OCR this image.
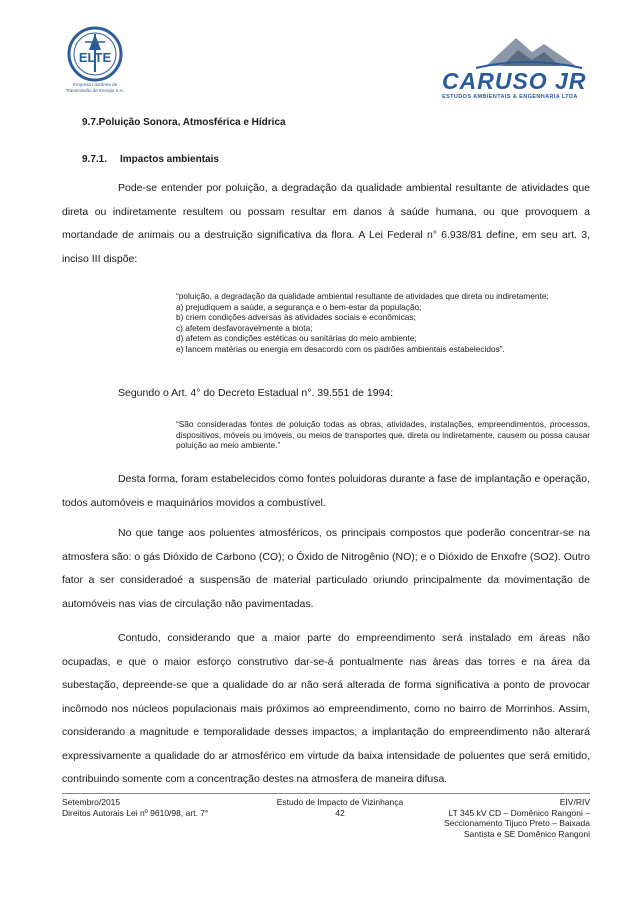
ELTE
Empresa Litorânea de
Transmissão de Energia S.A.	CARUSO JR
ESTUDOS AMBIENTAIS & ENGENHARIA LTDA
9.7.Poluição Sonora, Atmosférica e Hídrica
9.7.1. Impactos ambientais

Pode-se entender por poluição, a degradação da qualidade ambiental resultante de atividades que direta ou indiretamente resultem ou possam resultar em danos à saúde humana, ou que provoquem a mortandade de animais ou a destruição significativa da flora. A Lei Federal n° 6.938/81 define, em seu art. 3, inciso III dispõe:

“poluição, a degradação da qualidade ambiental resultante de atividades que direta ou indiretamente:
a) prejudiquem a saúde, a segurança e o bem-estar da população;
b) criem condições adversas às atividades sociais e econômicas;
c) afetem desfavoravelmente a biota;
d) afetem as condições estéticas ou sanitárias do meio ambiente;
e) lancem matérias ou energia em desacordo com os padrões ambientais estabelecidos”.

Segundo o Art. 4° do Decreto Estadual n°. 39.551 de 1994:

“São consideradas fontes de poluição todas as obras, atividades, instalações, empreendimentos, processos, dispositivos, móveis ou imóveis, ou meios de transportes que, direta ou indiretamente, causem ou possa causar poluição ao meio ambiente.”

Desta forma, foram estabelecidos como fontes poluidoras durante a fase de implantação e operação, todos automóveis e maquinários movidos a combustível.

No que tange aos poluentes atmosféricos, os principais compostos que poderão concentrar-se na atmosfera são: o gás Dióxido de Carbono (CO); o Óxido de Nitrogênio (NO); e o Dióxido de Enxofre (SO2). Outro fator a ser consideradoé a suspensão de material particulado oriundo principalmente da movimentação de automóveis nas vias de circulação não pavimentadas.

Contudo, considerando que a maior parte do empreendimento será instalado em áreas não ocupadas, e que o maior esforço construtivo dar-se-á pontualmente nas áreas das torres e na área da subestação, depreende-se que a qualidade do ar não será alterada de forma significativa a ponto de provocar incômodo nos núcleos populacionais mais próximos ao empreendimento, como no bairro de Morrinhos. Assim, considerando a magnitude e temporalidade desses impactos, a implantação do empreendimento não alterará expressivamente a qualidade do ar atmosférico em virtude da baixa intensidade de poluentes que será emitido, contribuindo somente com a concentração destes na atmosfera de maneira difusa.

Setembro/2015
Direitos Autorais Lei nº 9610/98, art. 7°
Estudo de Impacto de Vizinhança
42
EIV/RIV
LT 345 kV CD – Domênico Rangoni –
Seccionamento Tijuco Preto – Baixada
Santista e SE Domênico Rangoni
